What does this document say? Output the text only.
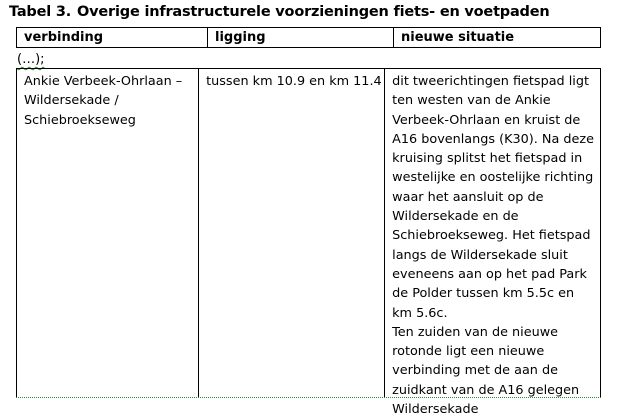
Tabel 3. Overige infrastructurele voorzieningen fiets- en voetpaden
verbinding	ligging	nieuwe situatie
(…);
Ankie Verbeek-Ohrlaan –
Wildersekade /
Schiebroekseweg
tussen km 10.9 en km 11.4 dit tweerichtingen fietspad ligt
ten westen van de Ankie
Verbeek-Ohrlaan en kruist de
A16 bovenlangs (K30). Na deze
kruising splitst het fietspad in
westelijke en oostelijke richting
waar het aansluit op de
Wildersekade en de
Schiebroekseweg. Het fietspad
langs de Wildersekade sluit
eveneens aan op het pad Park
de Polder tussen km 5.5c en
km 5.6c.
Ten zuiden van de nieuwe
rotonde ligt een nieuwe
verbinding met de aan de
zuidkant van de A16 gelegen
Wildersekade
